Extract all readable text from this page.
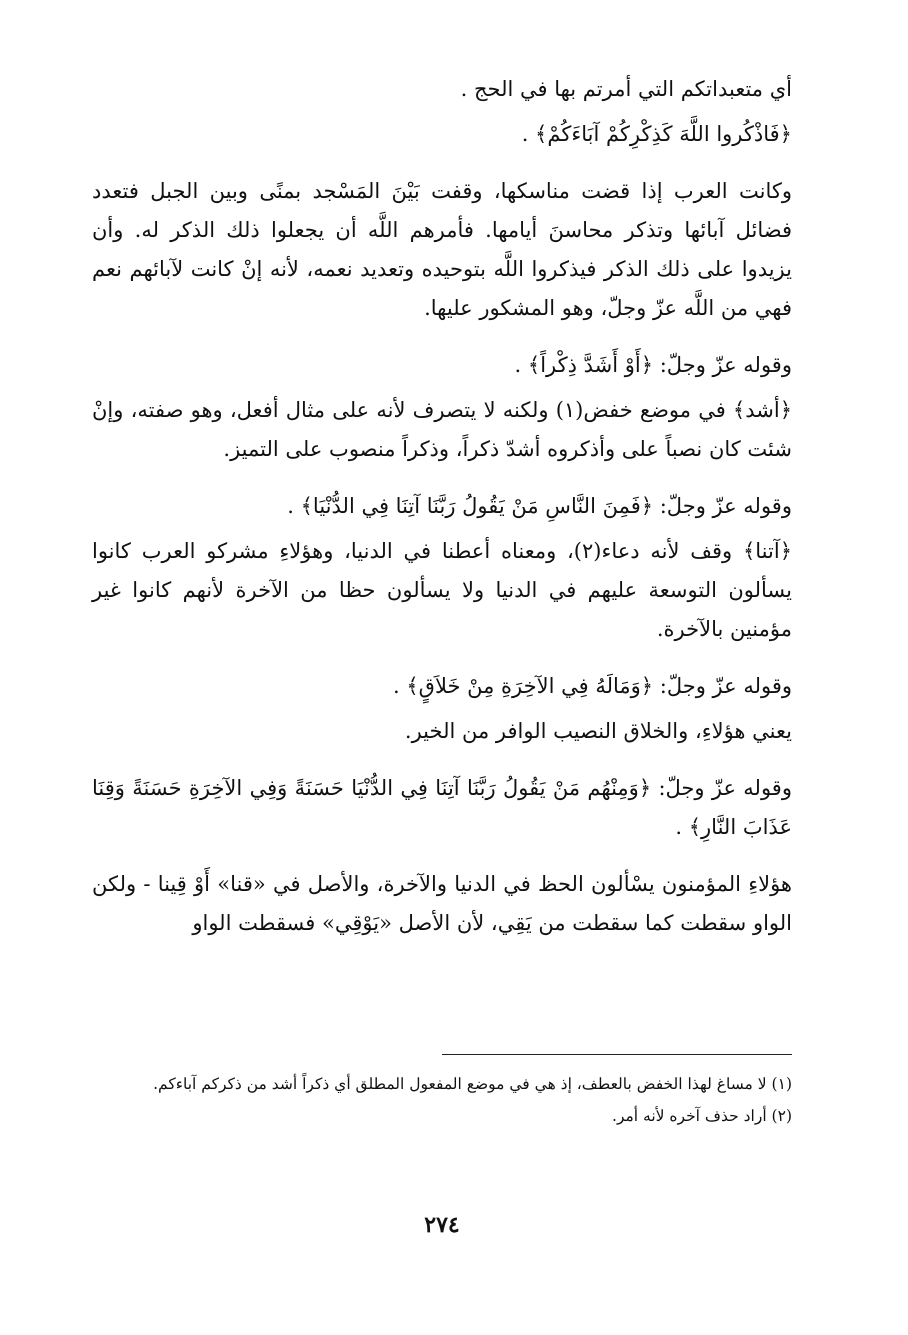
أي متعبداتكم التي أمرتم بها في الحج .

﴿فَاذْكُروا اللَّهَ كَذِكْرِكُمْ آبَاءَكُمْ﴾ .

وكانت العرب إذا قضت مناسكها، وقفت بَيْنَ المَسْجد بمنًى وبين الجبل فتعدد فضائل آبائها وتذكر محاسنَ أيامها. فأمرهم اللَّه أن يجعلوا ذلك الذكر له. وأن يزيدوا على ذلك الذكر فيذكروا اللَّه بتوحيده وتعديد نعمه، لأنه إنْ كانت لآبائهم نعم فهي من اللَّه عزّ وجلّ، وهو المشكور عليها.

وقوله عزّ وجلّ: ﴿أَوْ أَشَدَّ ذِكْراً﴾ .

﴿أشد﴾ في موضع خفض(١) ولكنه لا يتصرف لأنه على مثال أفعل، وهو صفته، وإنْ شئت كان نصباً على وأذكروه أشدّ ذكراً، وذكراً منصوب على التميز.

وقوله عزّ وجلّ: ﴿فَمِنَ النَّاسِ مَنْ يَقُولُ رَبَّنَا آتِنَا فِي الدُّنْيَا﴾ .

﴿آتنا﴾ وقف لأنه دعاء(٢)، ومعناه أعطنا في الدنيا، وهؤلاءِ مشركو العرب كانوا يسألون التوسعة عليهم في الدنيا ولا يسألون حظا من الآخرة لأنهم كانوا غير مؤمنين بالآخرة.

وقوله عزّ وجلّ: ﴿وَمَالَهُ فِي الآخِرَةِ مِنْ خَلاَقٍ﴾ .

يعني هؤلاءِ، والخلاق النصيب الوافر من الخير.

وقوله عزّ وجلّ: ﴿وَمِنْهُم مَنْ يَقُولُ رَبَّنَا آتِنَا فِي الدُّنْيَا حَسَنَةً وَفِي الآخِرَةِ حَسَنَةً وَقِنَا عَذَابَ النَّارِ﴾ .

هؤلاءِ المؤمنون يسْألون الحظ في الدنيا والآخرة، والأصل في «قنا» أَوْ قِينا - ولكن الواو سقطت كما سقطت من يَقِي، لأن الأصل «يَوْقِي» فسقطت الواو

(١) لا مساغ لهذا الخفض بالعطف، إذ هي في موضع المفعول المطلق أي ذكراً أشد من ذكركم آباءكم.

(٢) أراد حذف آخره لأنه أمر.

٢٧٤
